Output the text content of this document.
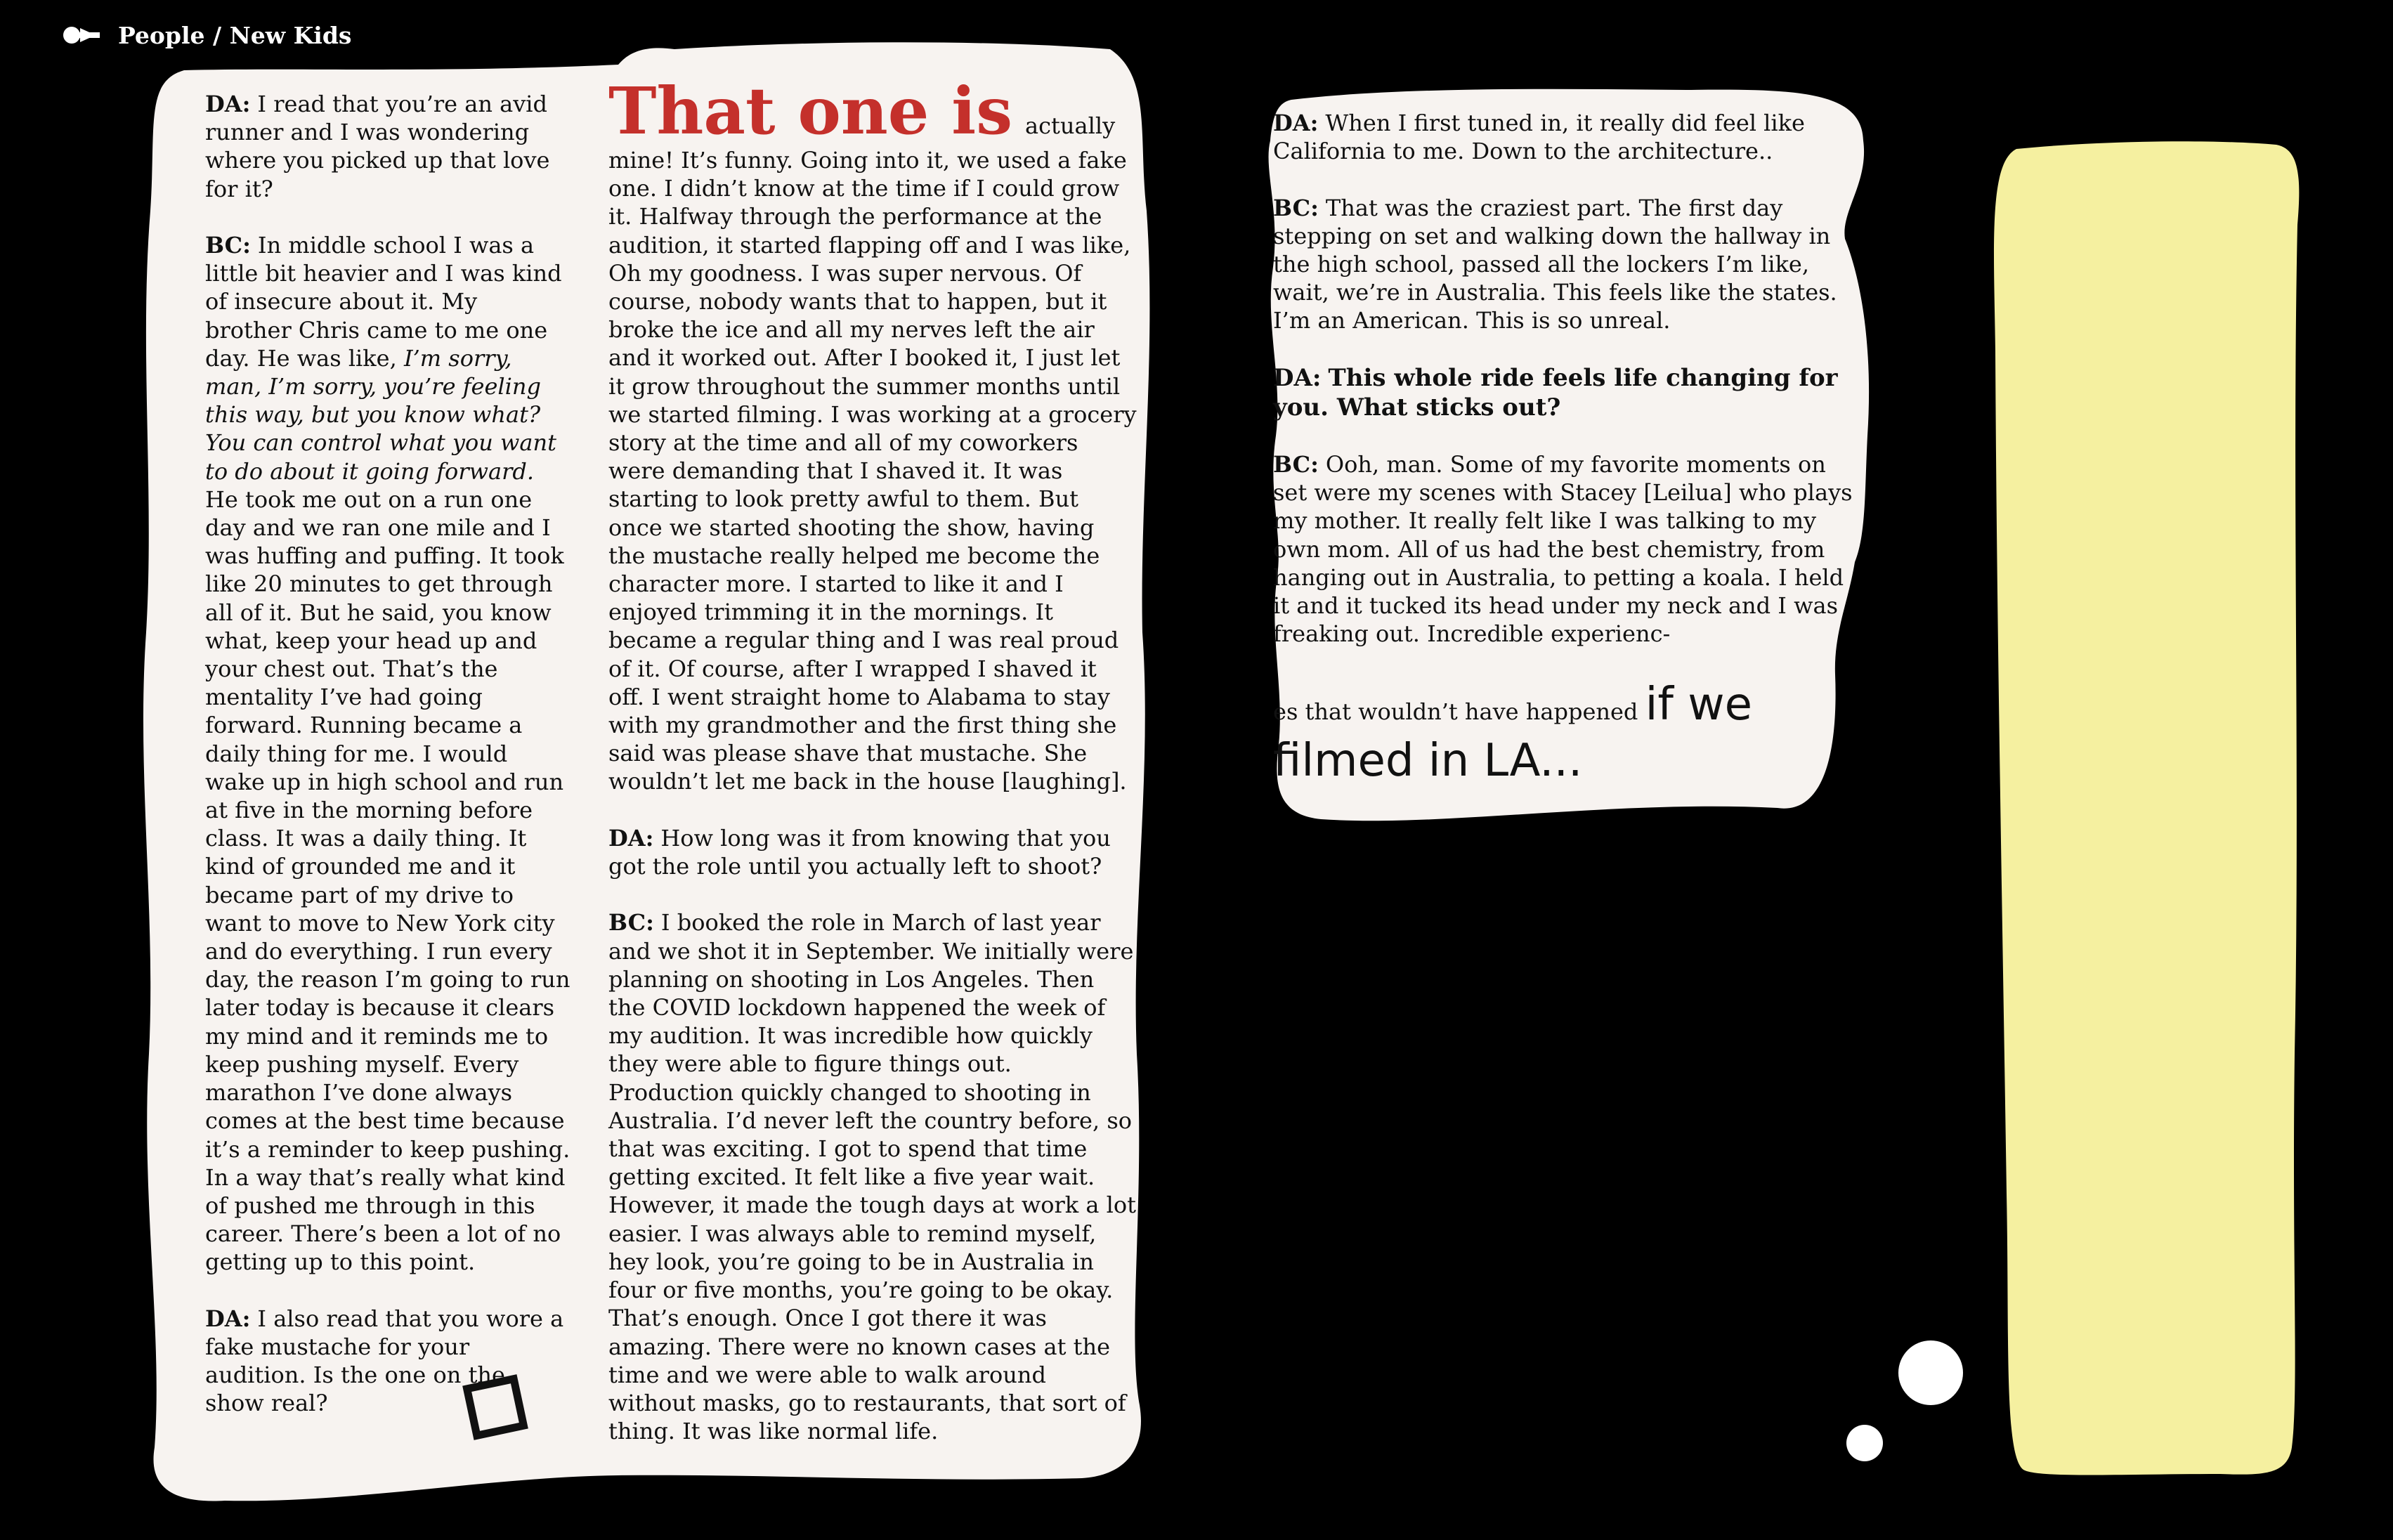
People / New Kids

DA: I read that you’re an avid runner and I was wondering where you picked up that love for it?

BC: In middle school I was a little bit heavier and I was kind of insecure about it. My brother Chris came to me one day. He was like, I’m sorry, man, I’m sorry, you’re feeling this way, but you know what? You can control what you want to do about it going forward. He took me out on a run one day and we ran one mile and I was huffing and puffing. It took like 20 minutes to get through all of it. But he said, you know what, keep your head up and your chest out. That’s the mentality I’ve had going forward. Running became a daily thing for me. I would wake up in high school and run at five in the morning before class. It was a daily thing. It kind of grounded me and it became part of my drive to want to move to New York city and do everything. I run every day, the reason I’m going to run later today is because it clears my mind and it reminds me to keep pushing myself. Every marathon I’ve done always comes at the best time because it’s a reminder to keep pushing. In a way that’s really what kind of pushed me through in this career. There’s been a lot of no getting up to this point.

DA: I also read that you wore a fake mustache for your audition. Is the one on the show real?

That one is actually mine! It’s funny. Going into it, we used a fake one. I didn’t know at the time if I could grow it. Halfway through the performance at the audition, it started flapping off and I was like, Oh my goodness. I was super nervous. Of course, nobody wants that to happen, but it broke the ice and all my nerves left the air and it worked out. After I booked it, I just let it grow throughout the summer months until we started filming. I was working at a grocery story at the time and all of my coworkers were demanding that I shaved it. It was starting to look pretty awful to them. But once we started shooting the show, having the mustache really helped me become the character more. I started to like it and I enjoyed trimming it in the mornings. It became a regular thing and I was real proud of it. Of course, after I wrapped I shaved it off. I went straight home to Alabama to stay with my grandmother and the first thing she said was please shave that mustache. She wouldn’t let me back in the house [laughing].

DA: How long was it from knowing that you got the role until you actually left to shoot?

BC: I booked the role in March of last year and we shot it in September. We initially were planning on shooting in Los Angeles. Then the COVID lockdown happened the week of my audition. It was incredible how quickly they were able to figure things out. Production quickly changed to shooting in Australia. I’d never left the country before, so that was exciting. I got to spend that time getting excited. It felt like a five year wait. However, it made the tough days at work a lot easier. I was always able to remind myself, hey look, you’re going to be in Australia in four or five months, you’re going to be okay. That’s enough. Once I got there it was amazing. There were no known cases at the time and we were able to walk around without masks, go to restaurants, that sort of thing. It was like normal life.

DA: When I first tuned in, it really did feel like California to me. Down to the architecture..

BC: That was the craziest part. The first day stepping on set and walking down the hallway in the high school, passed all the lockers I’m like, wait, we’re in Australia. This feels like the states. I’m an American. This is so unreal.

DA: This whole ride feels life changing for you. What sticks out?

BC: Ooh, man. Some of my favorite moments on set were my scenes with Stacey [Leilua] who plays my mother. It really felt like I was talking to my own mom. All of us had the best chemistry, from hanging out in Australia, to petting a koala. I held it and it tucked its head under my neck and I was freaking out. Incredible experienc-

es that wouldn’t have happened if we filmed in LA...
